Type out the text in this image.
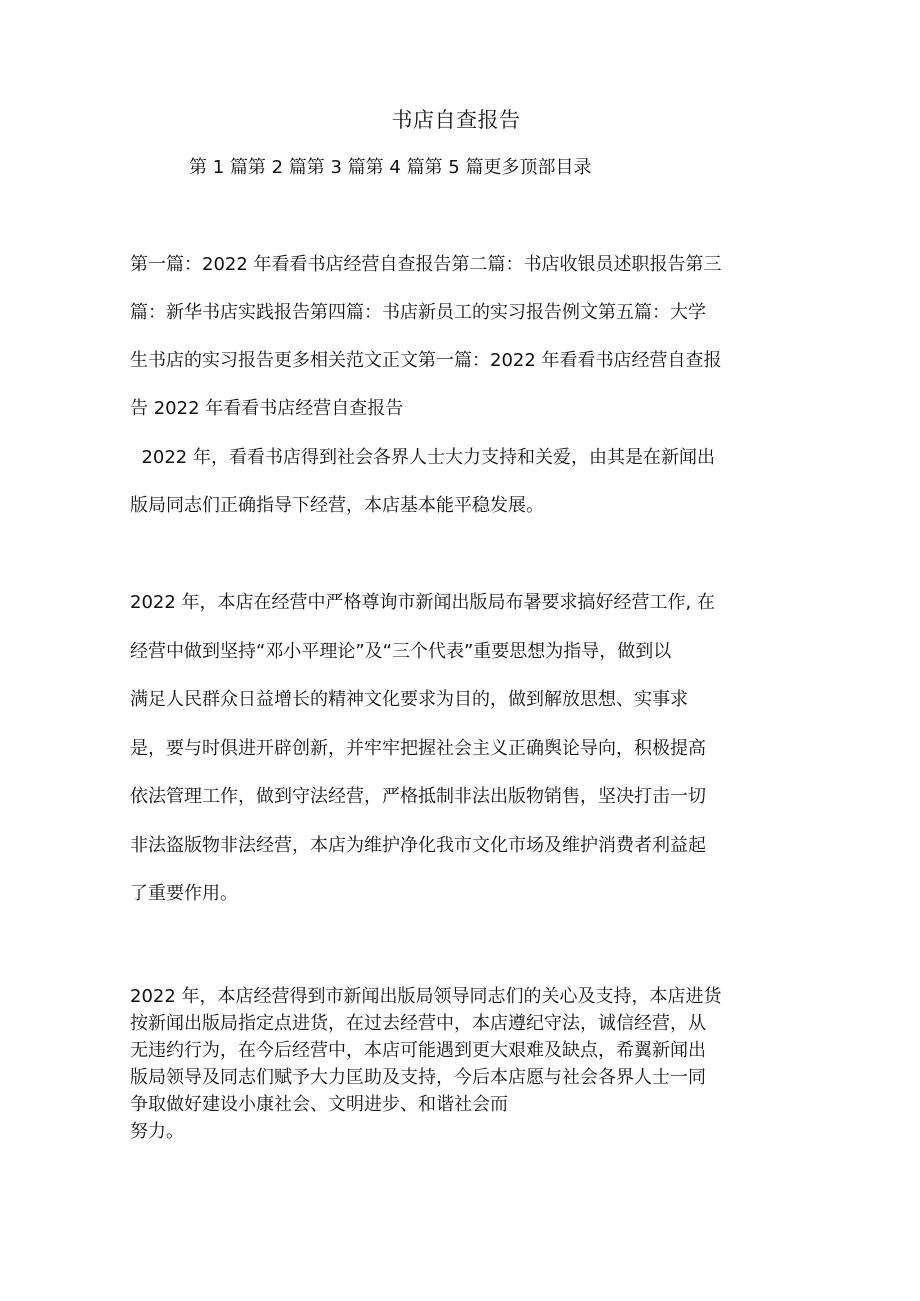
书店自查报告
第 1 篇第 2 篇第 3 篇第 4 篇第 5 篇更多顶部目录
第一篇：2022 年看看书店经营自查报告第二篇：书店收银员述职报告第三
篇：新华书店实践报告第四篇：书店新员工的实习报告例文第五篇：大学
生书店的实习报告更多相关范文正文第一篇：2022 年看看书店经营自查报
告 2022 年看看书店经营自查报告
2022 年，看看书店得到社会各界人士大力支持和关爱，由其是在新闻出
版局同志们正确指导下经营，本店基本能平稳发展。
2022 年，本店在经营中严格尊询市新闻出版局布暑要求搞好经营工作, 在
经营中做到坚持“邓小平理论”及“三个代表”重要思想为指导，做到以
满足人民群众日益增长的精神文化要求为目的，做到解放思想、实事求
是，要与时俱进开辟创新，并牢牢把握社会主义正确舆论导向，积极提高
依法管理工作，做到守法经营，严格抵制非法出版物销售，坚决打击一切
非法盗版物非法经营，本店为维护净化我市文化市场及维护消费者利益起
了重要作用。
2022 年，本店经营得到市新闻出版局领导同志们的关心及支持，本店进货
按新闻出版局指定点进货，在过去经营中，本店遵纪守法，诚信经营，从
无违约行为，在今后经营中，本店可能遇到更大艰难及缺点，希翼新闻出
版局领导及同志们赋予大力匡助及支持，今后本店愿与社会各界人士一同
争取做好建设小康社会、文明进步、和谐社会而
努力。
